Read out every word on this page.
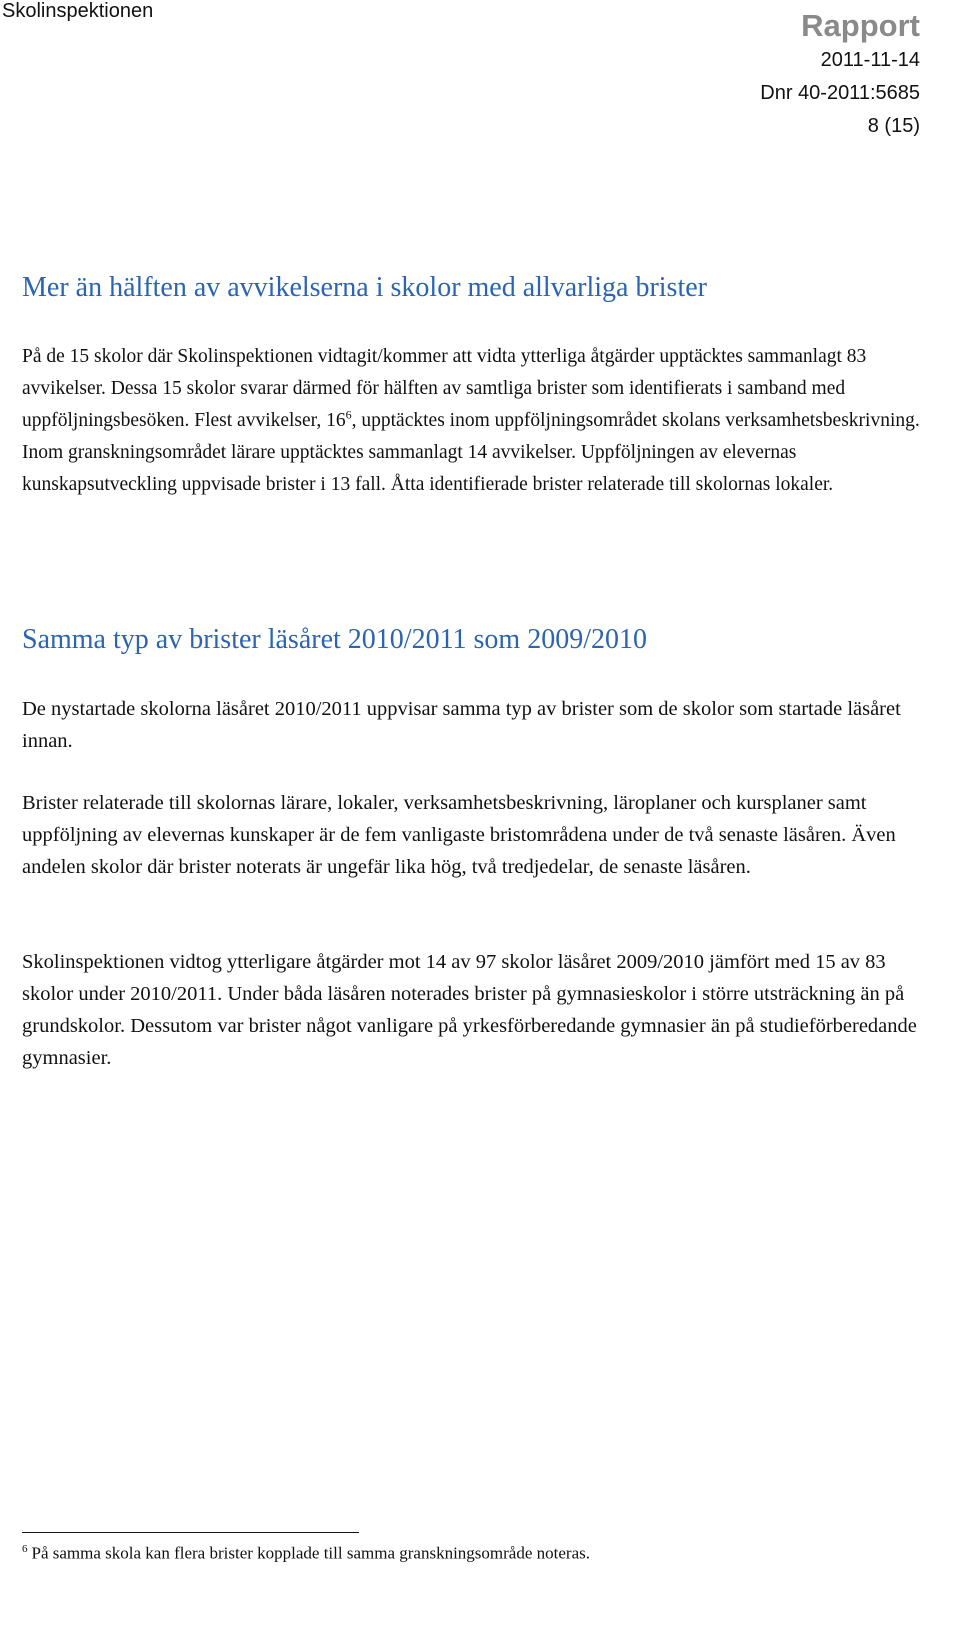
Skolinspektionen	Rapport
2011-11-14
Dnr 40-2011:5685
8 (15)
Mer än hälften av avvikelserna i skolor med allvarliga brister

På de 15 skolor där Skolinspektionen vidtagit/kommer att vidta ytterliga åtgärder upptäcktes sammanlagt 83 avvikelser. Dessa 15 skolor svarar därmed för hälften av samtliga brister som identifierats i samband med uppföljningsbesöken. Flest avvikelser, $16^6$, upptäcktes inom uppföljningsområdet skolans verksamhetsbeskrivning. Inom granskningsområdet lärare upptäcktes sammanlagt 14 avvikelser. Uppföljningen av elevernas kunskapsutveckling uppvisade brister i 13 fall. Åtta identifierade brister relaterade till skolornas lokaler.

Samma typ av brister läsåret 2010/2011 som 2009/2010

De nystartade skolorna läsåret 2010/2011 uppvisar samma typ av brister som de skolor som startade läsåret innan.

Brister relaterade till skolornas lärare, lokaler, verksamhetsbeskrivning, läroplaner och kursplaner samt uppföljning av elevernas kunskaper är de fem vanligaste bristområdena under de två senaste läsåren. Även andelen skolor där brister noterats är ungefär lika hög, två tredjedelar, de senaste läsåren.

Skolinspektionen vidtog ytterligare åtgärder mot 14 av 97 skolor läsåret 2009/2010 jämfört med 15 av 83 skolor under 2010/2011. Under båda läsåren noterades brister på gymnasieskolor i större utsträckning än på grundskolor. Dessutom var brister något vanligare på yrkesförberedande gymnasier än på studieförberedande gymnasier.

$^6$ På samma skola kan flera brister kopplade till samma granskningsområde noteras.
